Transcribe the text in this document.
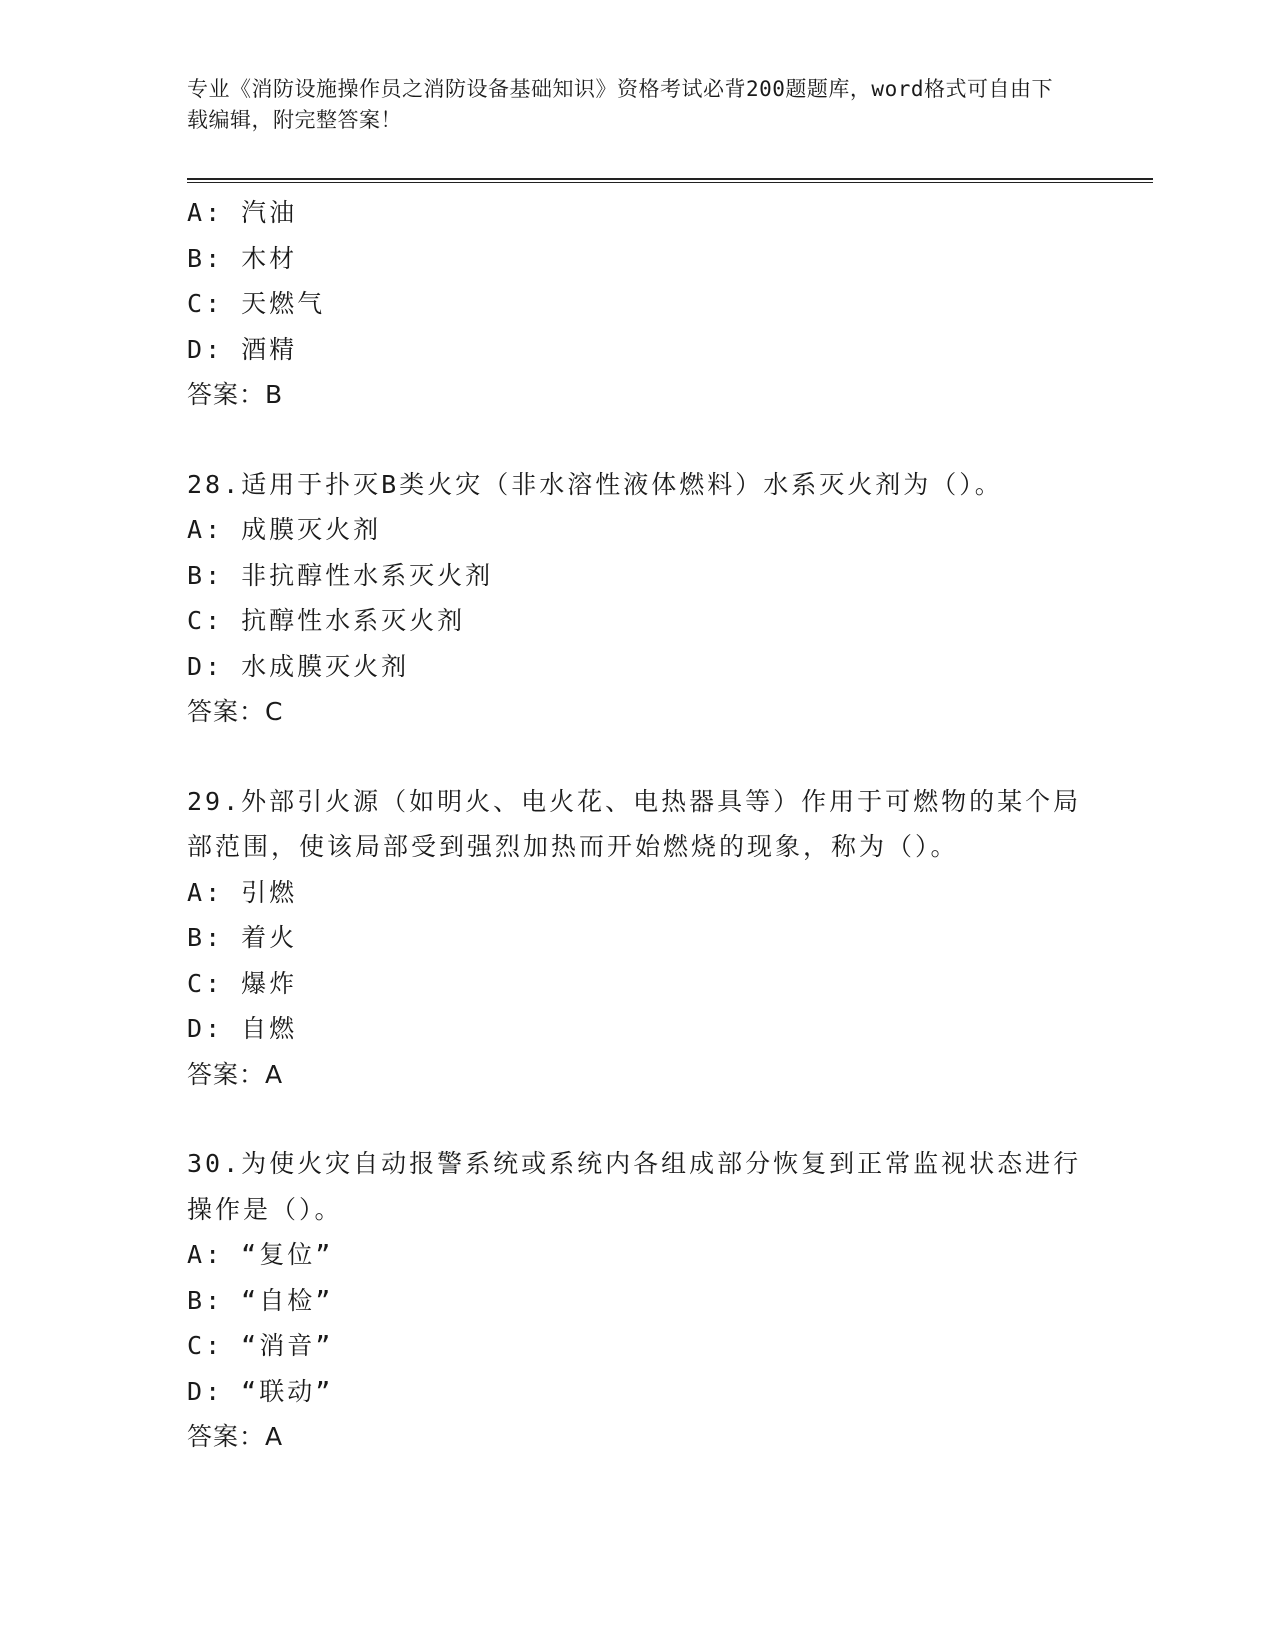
专业《消防设施操作员之消防设备基础知识》资格考试必背200题题库，word格式可自由下载编辑，附完整答案！
A: 汽油
B: 木材
C: 天燃气
D: 酒精
答案：B
28.适用于扑灭B类火灾（非水溶性液体燃料）水系灭火剂为（）。
A: 成膜灭火剂
B: 非抗醇性水系灭火剂
C: 抗醇性水系灭火剂
D: 水成膜灭火剂
答案：C
29.外部引火源（如明火、电火花、电热器具等）作用于可燃物的某个局部范围，使该局部受到强烈加热而开始燃烧的现象，称为（）。
A: 引燃
B: 着火
C: 爆炸
D: 自燃
答案：A
30.为使火灾自动报警系统或系统内各组成部分恢复到正常监视状态进行操作是（）。
A: “复位”
B: “自检”
C: “消音”
D: “联动”
答案：A
